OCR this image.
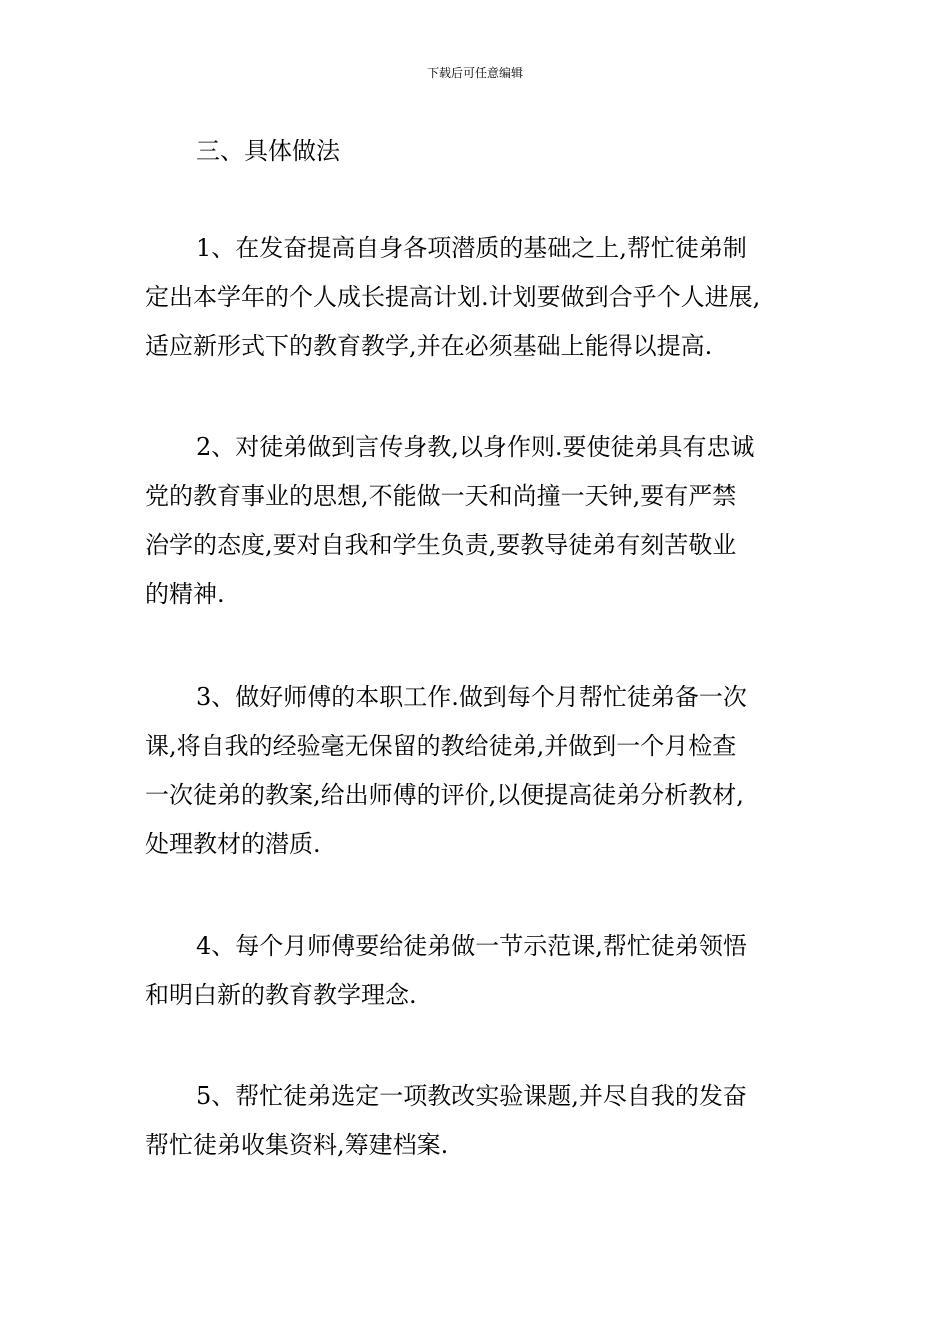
下载后可任意编辑
三、具体做法
1、在发奋提高自身各项潜质的基础之上,帮忙徒弟制
定出本学年的个人成长提高计划.计划要做到合乎个人进展,
适应新形式下的教育教学,并在必须基础上能得以提高.
2、对徒弟做到言传身教,以身作则.要使徒弟具有忠诚
党的教育事业的思想,不能做一天和尚撞一天钟,要有严禁
治学的态度,要对自我和学生负责,要教导徒弟有刻苦敬业
的精神.
3、做好师傅的本职工作.做到每个月帮忙徒弟备一次
课,将自我的经验毫无保留的教给徒弟,并做到一个月检查
一次徒弟的教案,给出师傅的评价,以便提高徒弟分析教材,
处理教材的潜质.
4、每个月师傅要给徒弟做一节示范课,帮忙徒弟领悟
和明白新的教育教学理念.
5、帮忙徒弟选定一项教改实验课题,并尽自我的发奋
帮忙徒弟收集资料,筹建档案.
